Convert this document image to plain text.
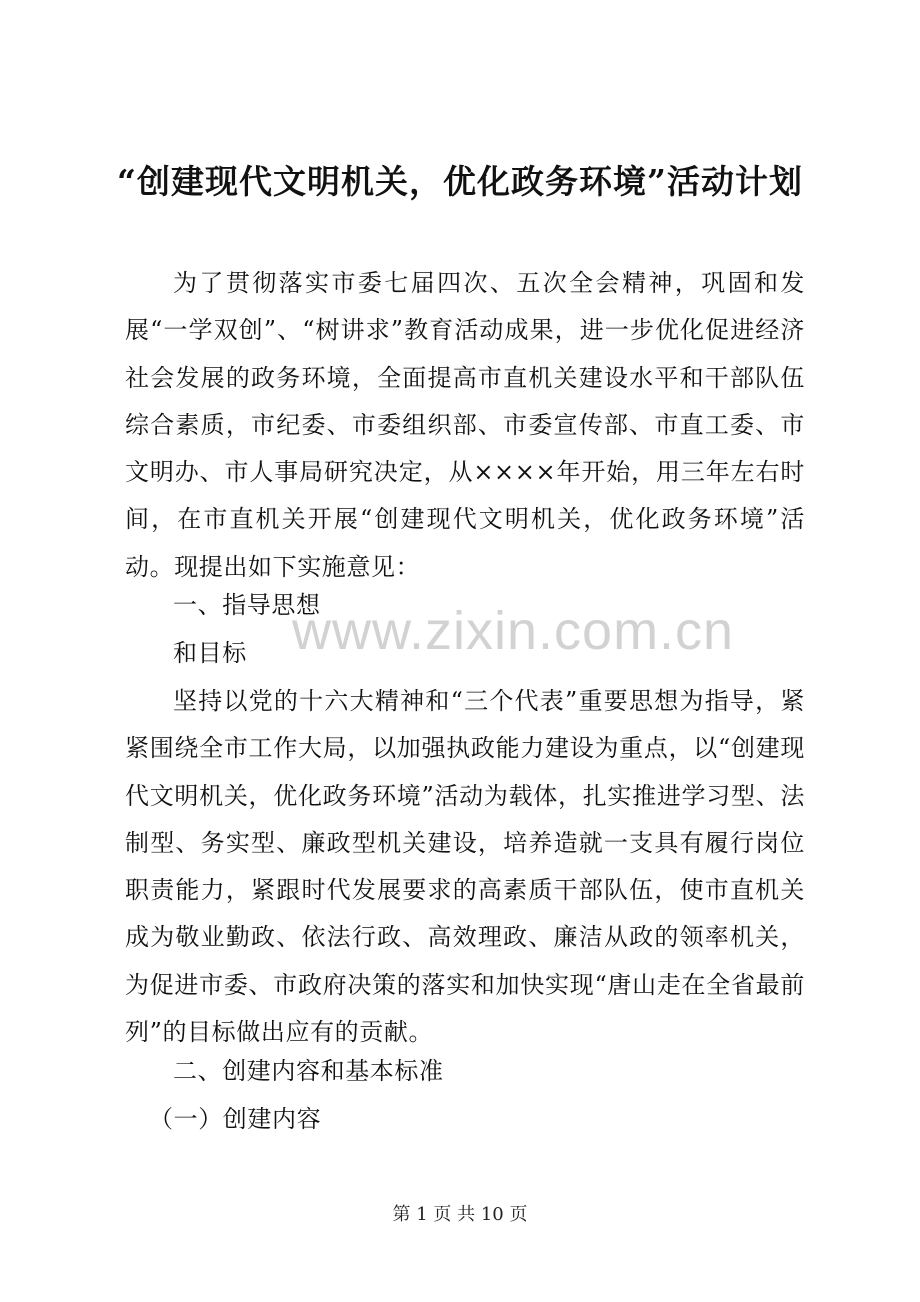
“创建现代文明机关，优化政务环境”活动计划

为了贯彻落实市委七届四次、五次全会精神，巩固和发展“一学双创”、“树讲求”教育活动成果，进一步优化促进经济社会发展的政务环境，全面提高市直机关建设水平和干部队伍综合素质，市纪委、市委组织部、市委宣传部、市直工委、市文明办、市人事局研究决定，从××××年开始，用三年左右时间，在市直机关开展“创建现代文明机关，优化政务环境”活动。现提出如下实施意见：

一、指导思想

和目标

坚持以党的十六大精神和“三个代表”重要思想为指导，紧紧围绕全市工作大局，以加强执政能力建设为重点，以“创建现代文明机关，优化政务环境”活动为载体，扎实推进学习型、法制型、务实型、廉政型机关建设，培养造就一支具有履行岗位职责能力，紧跟时代发展要求的高素质干部队伍，使市直机关成为敬业勤政、依法行政、高效理政、廉洁从政的领率机关，为促进市委、市政府决策的落实和加快实现“唐山走在全省最前列”的目标做出应有的贡献。

二、创建内容和基本标准

（一）创建内容

www.zixin.com.cn
第 1 页 共 10 页
